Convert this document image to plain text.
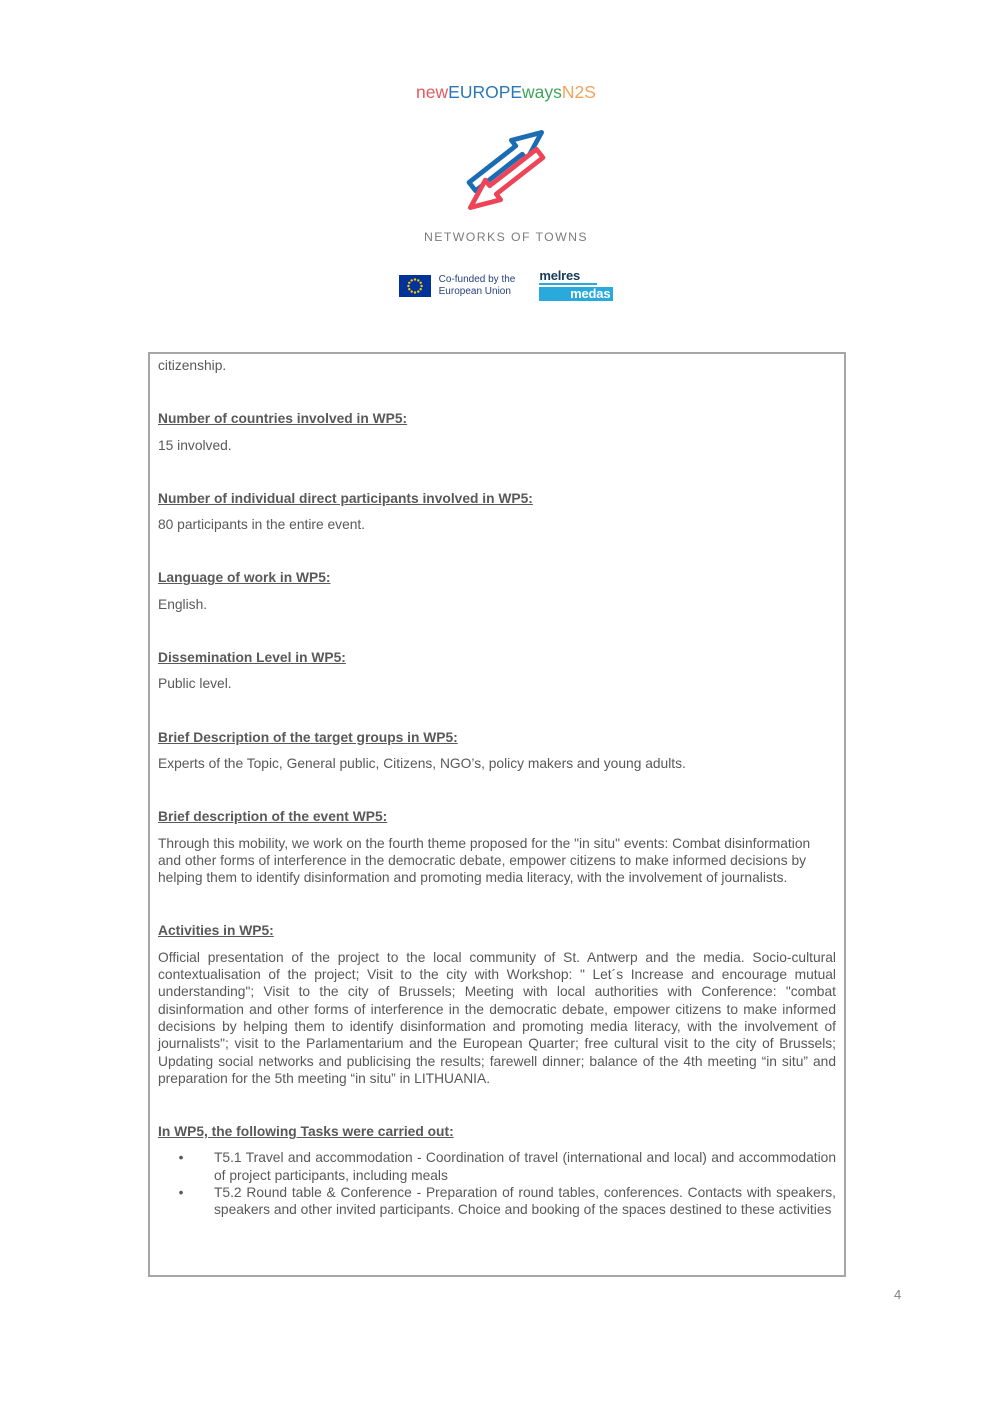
newEUROPEwaysN2S
NETWORKS OF TOWNS
Co-funded by the
European Union
melres
medas

citizenship.

Number of countries involved in WP5:

15 involved.

Number of individual direct participants involved in WP5:

80 participants in the entire event.

Language of work in WP5:

English.

Dissemination Level in WP5:

Public level.

Brief Description of the target groups in WP5:

Experts of the Topic, General public, Citizens, NGO’s, policy makers and young adults.

Brief description of the event WP5:

Through this mobility, we work on the fourth theme proposed for the "in situ" events: Combat disinformation and other forms of interference in the democratic debate, empower citizens to make informed decisions by helping them to identify disinformation and promoting media literacy, with the involvement of journalists.

Activities in WP5:

Official presentation of the project to the local community of St. Antwerp and the media. Socio-cultural contextualisation of the project; Visit to the city with Workshop: " Let´s Increase and encourage mutual understanding"; Visit to the city of Brussels; Meeting with local authorities with Conference: "combat disinformation and other forms of interference in the democratic debate, empower citizens to make informed decisions by helping them to identify disinformation and promoting media literacy, with the involvement of journalists"; visit to the Parlamentarium and the European Quarter; free cultural visit to the city of Brussels; Updating social networks and publicising the results; farewell dinner; balance of the 4th meeting “in situ” and preparation for the 5th meeting “in situ” in LITHUANIA.

In WP5, the following Tasks were carried out:
•	T5.1 Travel and accommodation - Coordination of travel (international and local) and accommodation of project participants, including meals
•	T5.2 Round table & Conference - Preparation of round tables, conferences. Contacts with speakers, speakers and other invited participants. Choice and booking of the spaces destined to these activities
4
